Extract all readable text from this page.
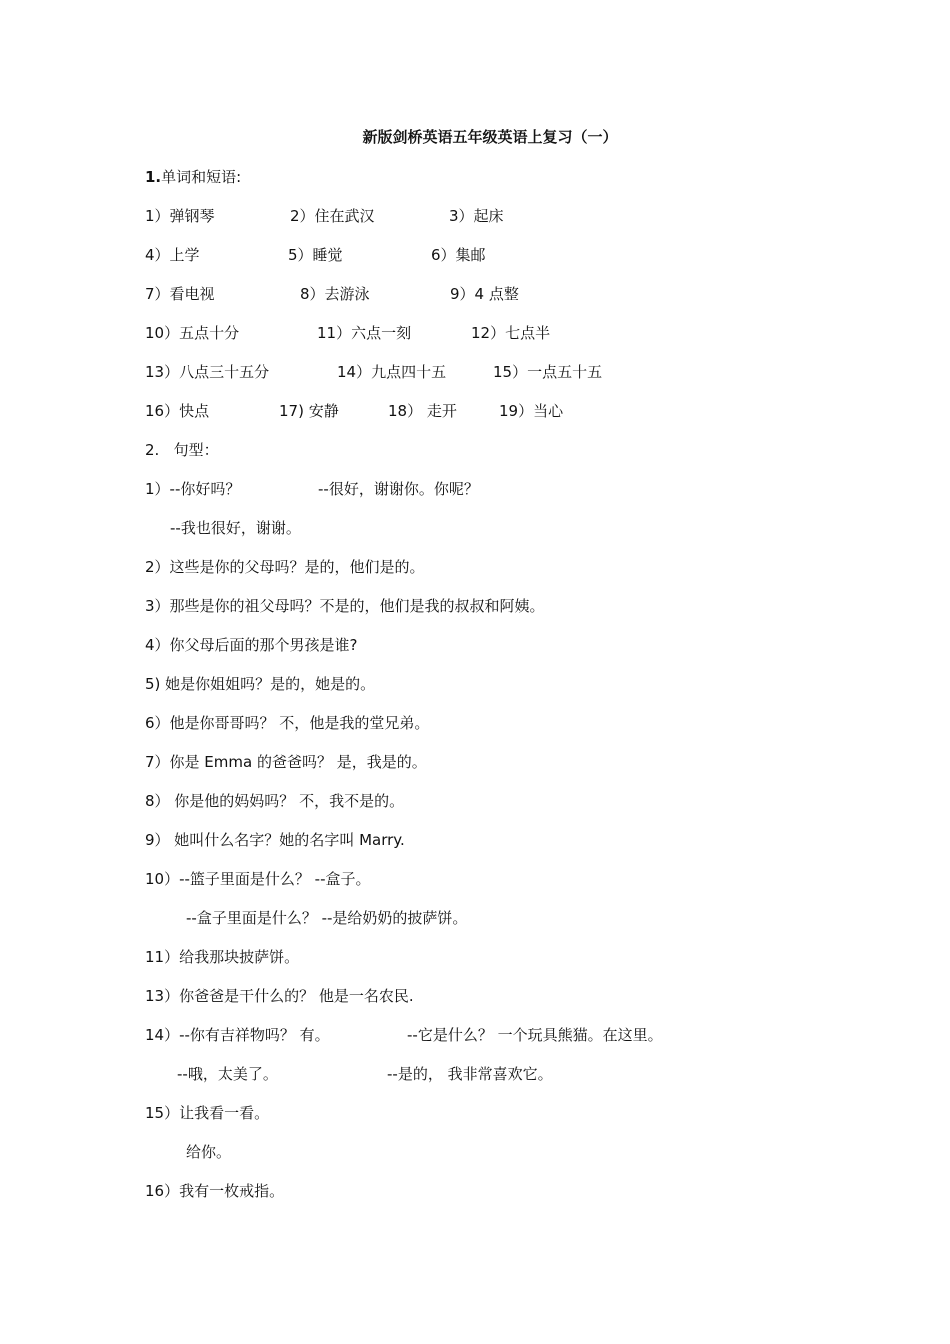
新版剑桥英语五年级英语上复习（一）
1.单词和短语:
1）弹钢琴	2）住在武汉	3）起床
4）上学	5）睡觉	6）集邮
7）看电视	8）去游泳	9）4 点整
10）五点十分	11）六点一刻	12）七点半
13）八点三十五分	14）九点四十五	15）一点五十五
16）快点	17) 安静	18） 走开	19）当心
2.   句型：
1）--你好吗？	--很好，谢谢你。你呢？
--我也很好，谢谢。
2）这些是你的父母吗？是的，他们是的。
3）那些是你的祖父母吗？不是的，他们是我的叔叔和阿姨。
4）你父母后面的那个男孩是谁?
5) 她是你姐姐吗？是的，她是的。
6）他是你哥哥吗？ 不，他是我的堂兄弟。
7）你是 Emma 的爸爸吗？ 是，我是的。
8） 你是他的妈妈吗？ 不，我不是的。
9） 她叫什么名字？她的名字叫 Marry.
10）--篮子里面是什么？ --盒子。
--盒子里面是什么？ --是给奶奶的披萨饼。
11）给我那块披萨饼。
13）你爸爸是干什么的？ 他是一名农民.
14）--你有吉祥物吗？ 有。	--它是什么？ 一个玩具熊猫。在这里。
--哦，太美了。	--是的， 我非常喜欢它。
15）让我看一看。
给你。
16）我有一枚戒指。
